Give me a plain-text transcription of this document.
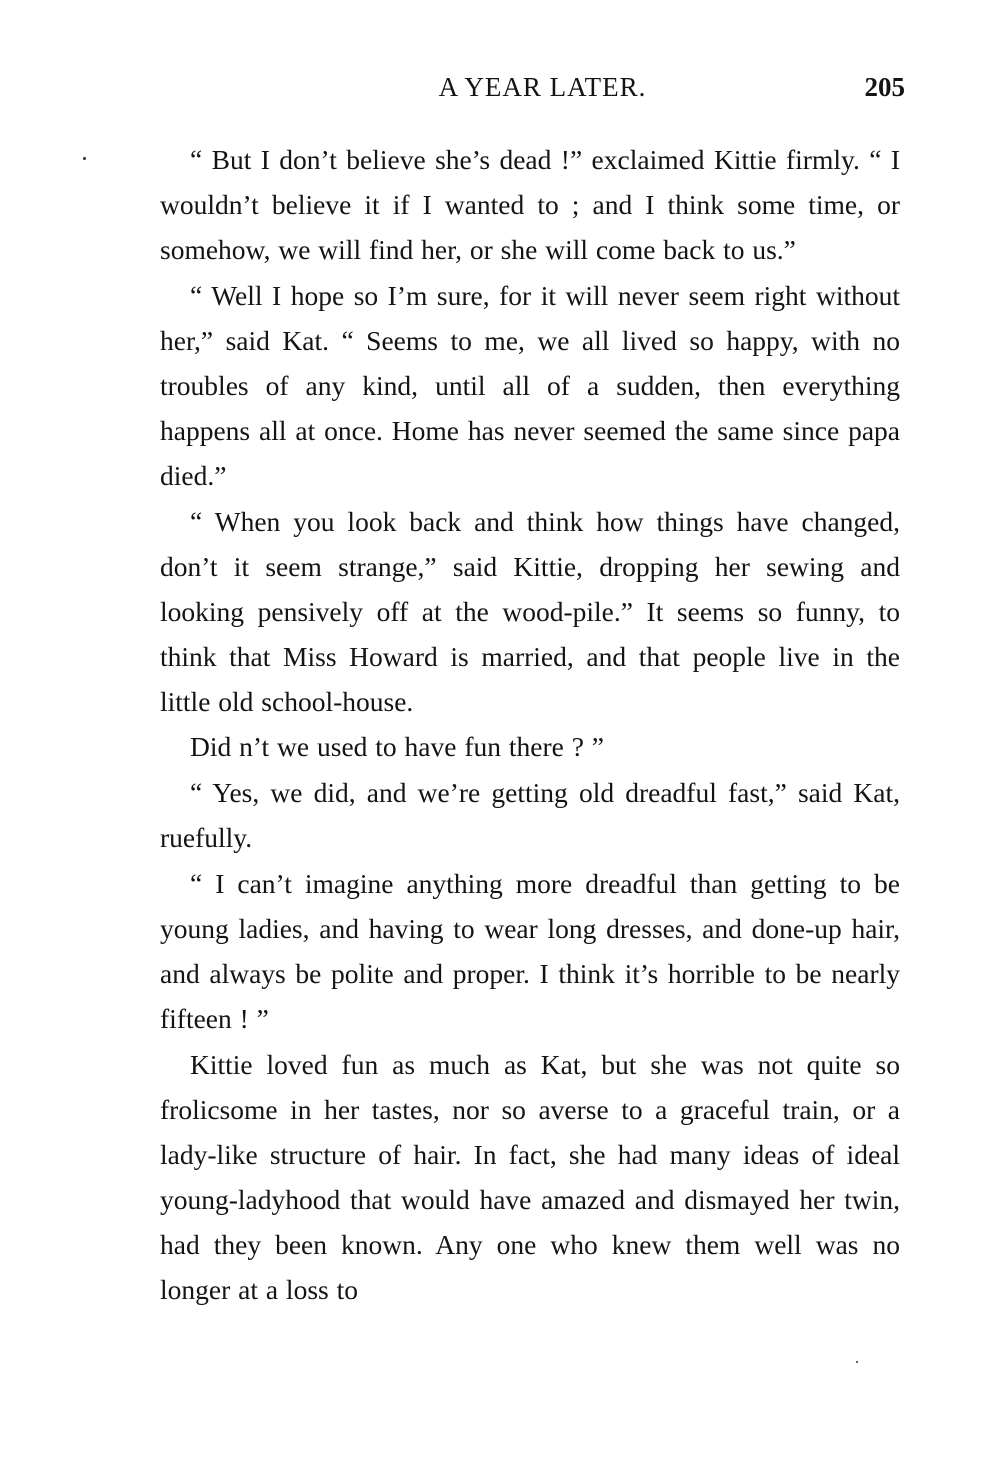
A YEAR LATER.	205

“ But I don’t believe she’s dead !” exclaimed Kittie firmly. “ I wouldn’t believe it if I wanted to ; and I think some time, or somehow, we will find her, or she will come back to us.”

“ Well I hope so I’m sure, for it will never seem right without her,” said Kat. “ Seems to me, we all lived so happy, with no troubles of any kind, until all of a sudden, then everything happens all at once. Home has never seemed the same since papa died.”

“ When you look back and think how things have changed, don’t it seem strange,” said Kittie, dropping her sewing and looking pensively off at the wood-pile.” It seems so funny, to think that Miss Howard is married, and that people live in the little old school-house.

Did n’t we used to have fun there ? ”

“ Yes, we did, and we’re getting old dreadful fast,” said Kat, ruefully.

“ I can’t imagine anything more dreadful than getting to be young ladies, and having to wear long dresses, and done-up hair, and always be polite and proper. I think it’s horrible to be nearly fifteen ! ”

Kittie loved fun as much as Kat, but she was not quite so frolicsome in her tastes, nor so averse to a graceful train, or a lady-like structure of hair. In fact, she had many ideas of ideal young-ladyhood that would have amazed and dismayed her twin, had they been known. Any one who knew them well was no longer at a loss to
